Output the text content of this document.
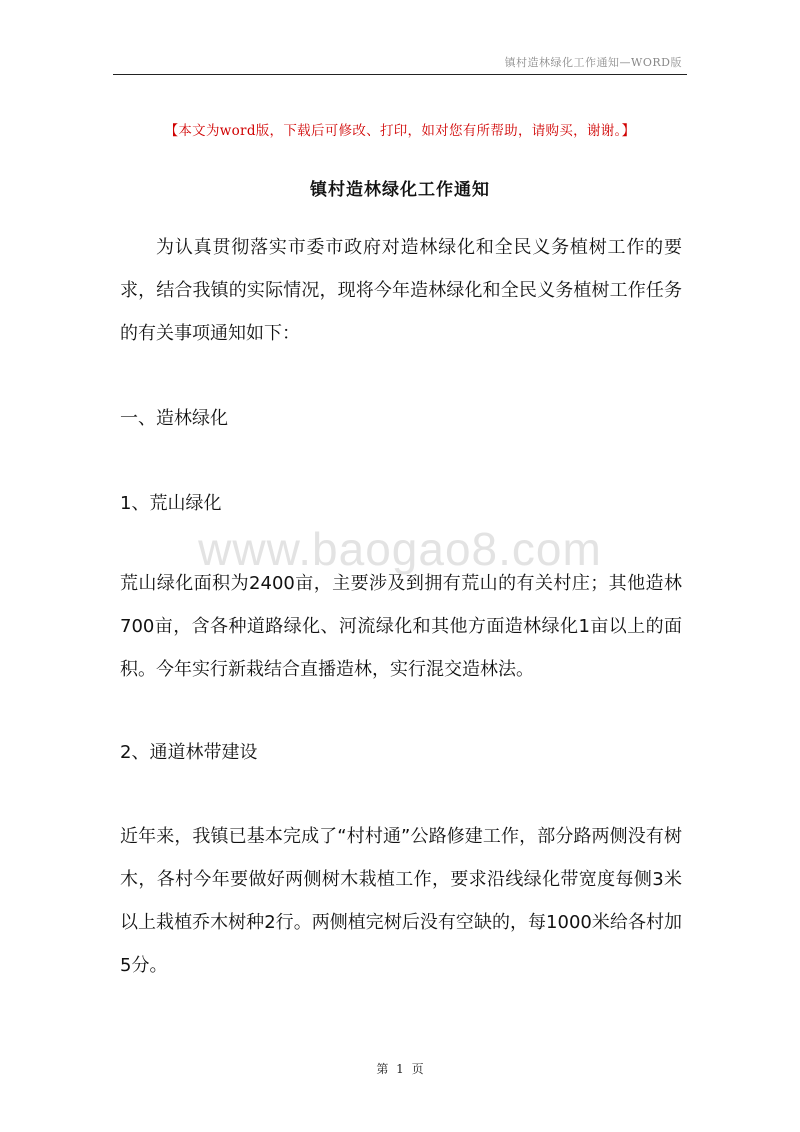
镇村造林绿化工作通知—WORD版
【本文为word版，下载后可修改、打印，如对您有所帮助，请购买，谢谢。】
镇村造林绿化工作通知
为认真贯彻落实市委市政府对造林绿化和全民义务植树工作的要求，结合我镇的实际情况，现将今年造林绿化和全民义务植树工作任务的有关事项通知如下：
一、造林绿化
1、荒山绿化
www.baogao8.com
荒山绿化面积为2400亩，主要涉及到拥有荒山的有关村庄；其他造林700亩，含各种道路绿化、河流绿化和其他方面造林绿化1亩以上的面积。今年实行新栽结合直播造林，实行混交造林法。
2、通道林带建设
近年来，我镇已基本完成了“村村通”公路修建工作，部分路两侧没有树木，各村今年要做好两侧树木栽植工作，要求沿线绿化带宽度每侧3米以上栽植乔木树种2行。两侧植完树后没有空缺的，每1000米给各村加5分。
第 1 页
